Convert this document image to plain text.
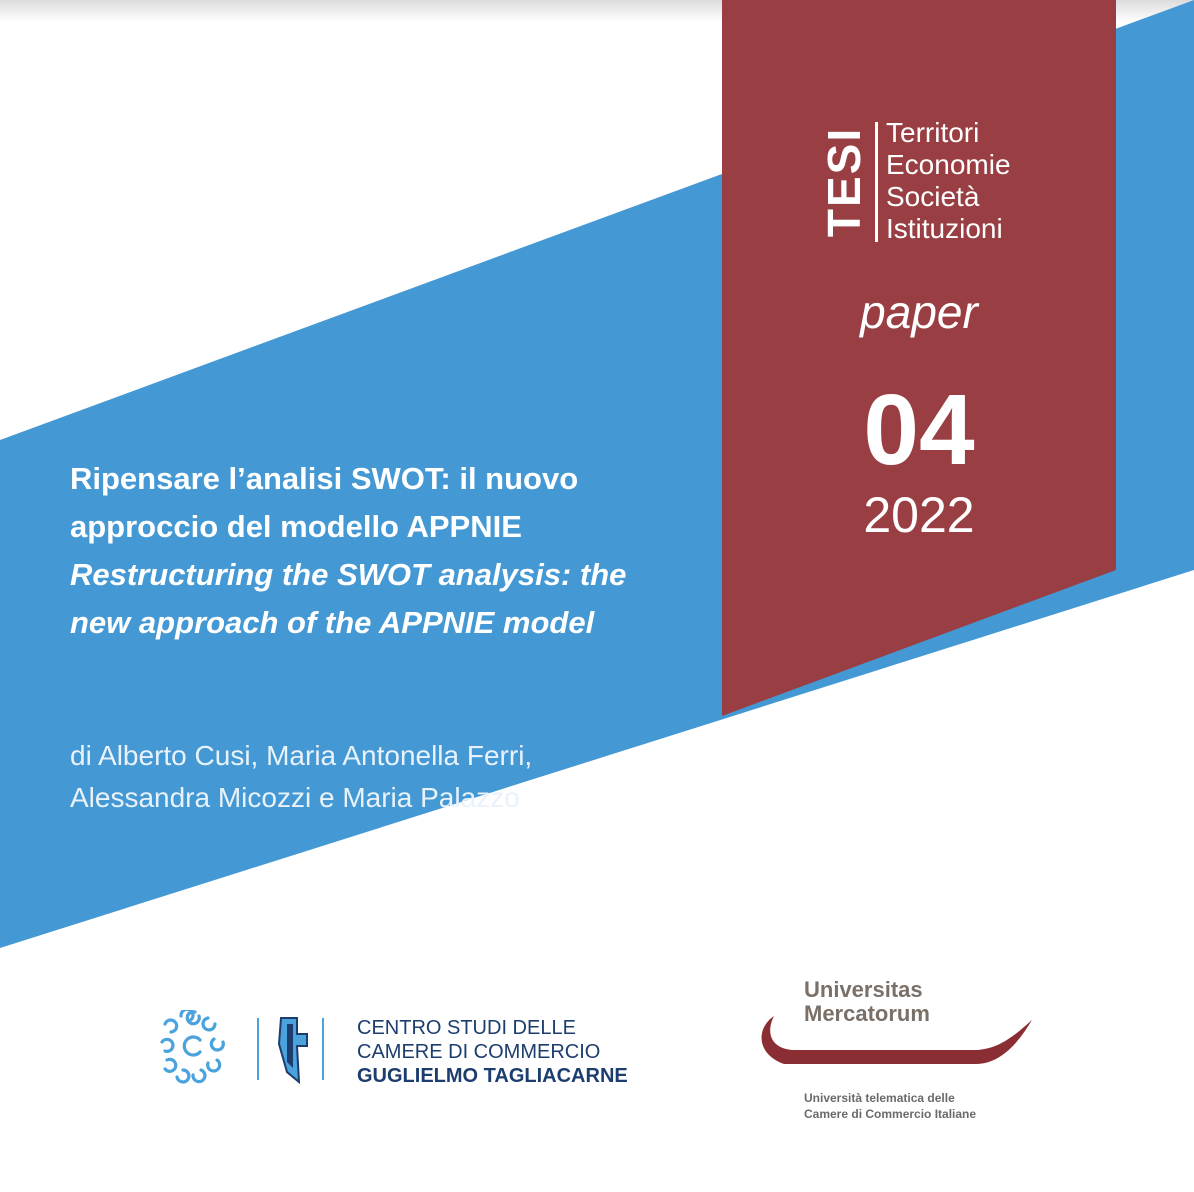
TESI Territori
Economie
Società
Istituzioni
paper
04
2022
Ripensare l’analisi SWOT: il nuovo
approccio del modello APPNIE
Restructuring the SWOT analysis: the
new approach of the APPNIE model
di Alberto Cusi, Maria Antonella Ferri,
Alessandra Micozzi e Maria Palazzo
CENTRO STUDI DELLE
CAMERE DI COMMERCIO
GUGLIELMO TAGLIACARNE
Universitas
Mercatorum
Università telematica delle
Camere di Commercio Italiane
